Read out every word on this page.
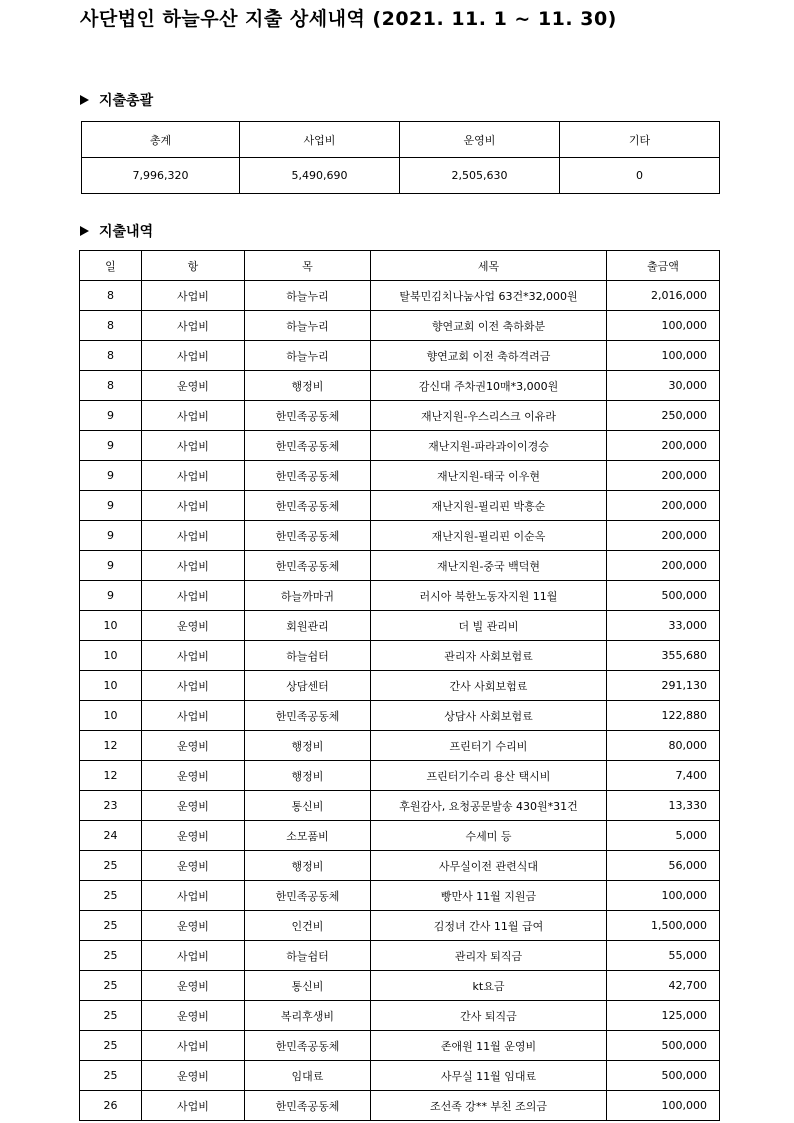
사단법인 하늘우산 지출 상세내역 (2021. 11. 1 ~ 11. 30)
지출총괄
총계	사업비	운영비	기타
7,996,320	5,490,690	2,505,630	0
지출내역
일	항	목	세목	출금액
8	사업비	하늘누리	탈북민김치나눔사업 63건*32,000원	2,016,000
8	사업비	하늘누리	향연교회 이전 축하화분	100,000
8	사업비	하늘누리	향연교회 이전 축하격려금	100,000
8	운영비	행정비	감신대 주차권10매*3,000원	30,000
9	사업비	한민족공동체	재난지원-우스리스크 이유라	250,000
9	사업비	한민족공동체	재난지원-파라과이이경승	200,000
9	사업비	한민족공동체	재난지원-태국 이우현	200,000
9	사업비	한민족공동체	재난지원-필리핀 박흥순	200,000
9	사업비	한민족공동체	재난지원-필리핀 이순옥	200,000
9	사업비	한민족공동체	재난지원-중국 백덕현	200,000
9	사업비	하늘까마귀	러시아 북한노동자지원 11월	500,000
10	운영비	회원관리	더 빌 관리비	33,000
10	사업비	하늘쉼터	관리자 사회보험료	355,680
10	사업비	상담센터	간사 사회보험료	291,130
10	사업비	한민족공동체	상담사 사회보험료	122,880
12	운영비	행정비	프린터기 수리비	80,000
12	운영비	행정비	프린터기수리 용산 택시비	7,400
23	운영비	통신비	후원감사, 요청공문발송 430원*31건	13,330
24	운영비	소모품비	수세미 등	5,000
25	운영비	행정비	사무실이전 관련식대	56,000
25	사업비	한민족공동체	빵만사 11월 지원금	100,000
25	운영비	인건비	김정녀 간사 11월 급여	1,500,000
25	사업비	하늘쉼터	관리자 퇴직금	55,000
25	운영비	통신비	kt요금	42,700
25	운영비	복리후생비	간사 퇴직금	125,000
25	사업비	한민족공동체	존애원 11월 운영비	500,000
25	운영비	임대료	사무실 11월 임대료	500,000
26	사업비	한민족공동체	조선족 강** 부친 조의금	100,000
